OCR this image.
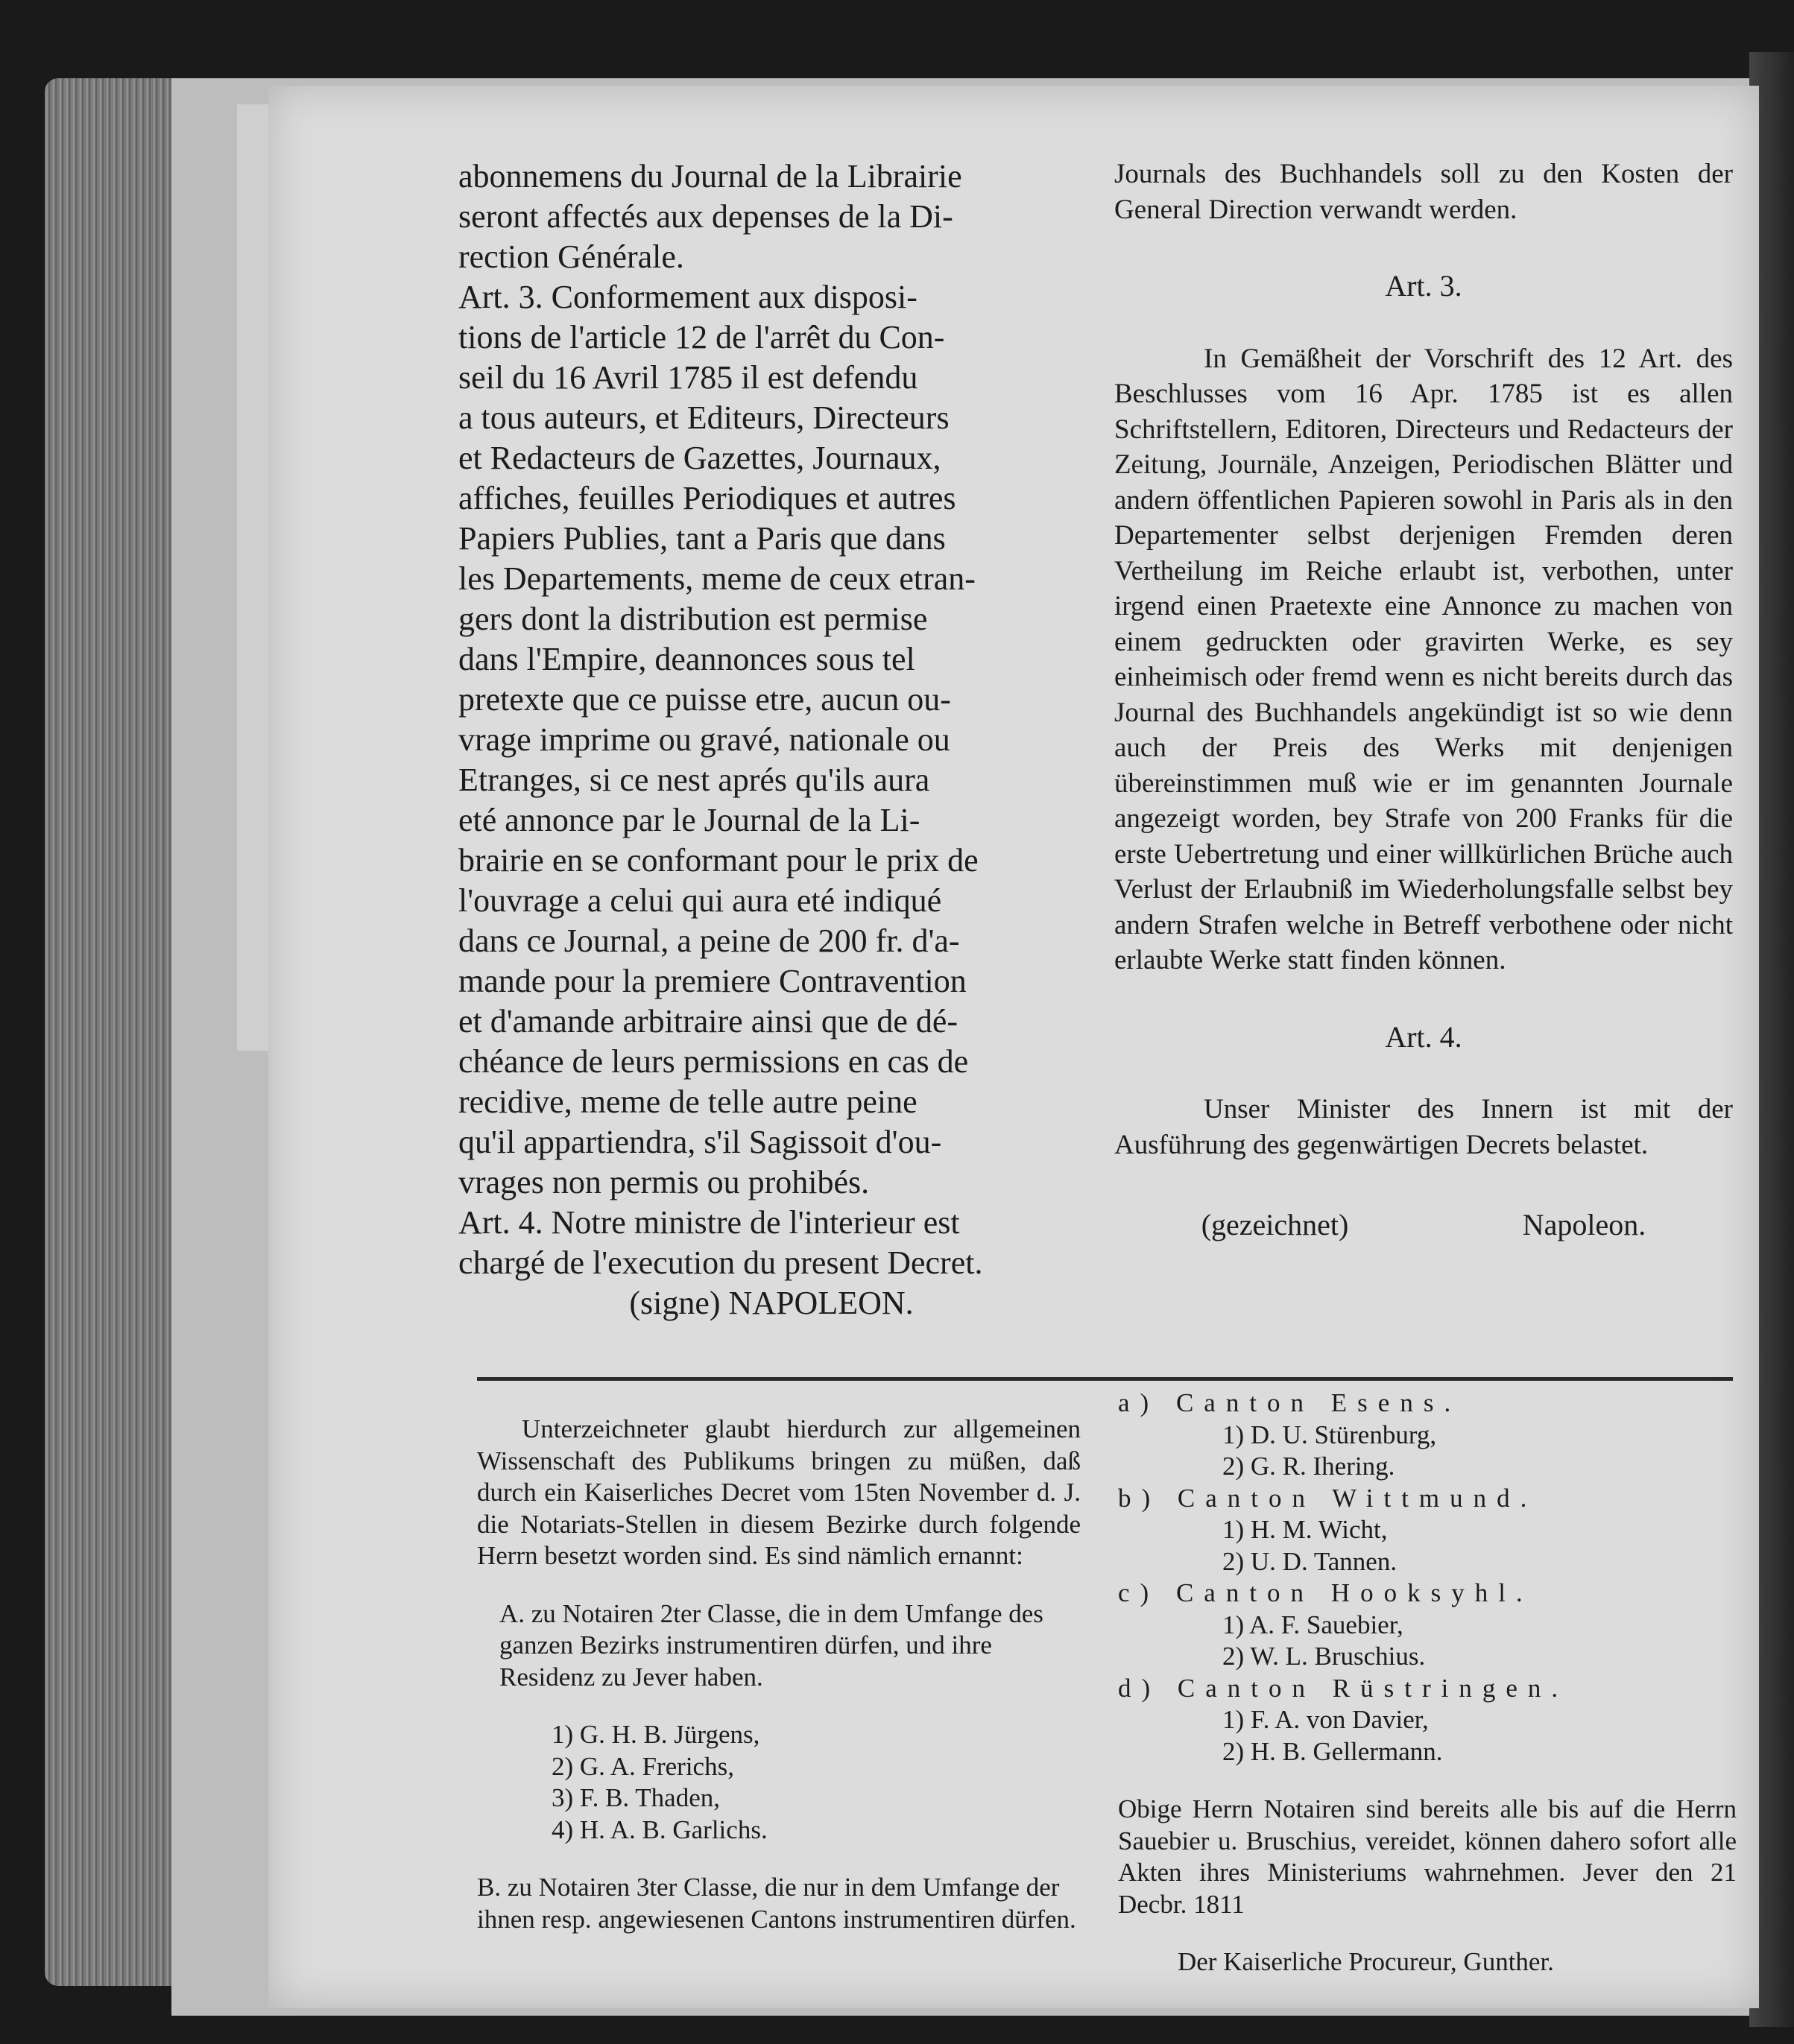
abonnemens du Journal de la Librairie
seront affectés aux depenses de la Di-
rection Générale.
Art. 3. Conformement aux disposi-
tions de l'article 12 de l'arrêt du Con-
seil du 16 Avril 1785 il est defendu
a tous auteurs, et Editeurs, Directeurs
et Redacteurs de Gazettes, Journaux,
affiches, feuilles Periodiques et autres
Papiers Publies, tant a Paris que dans
les Departements, meme de ceux etran-
gers dont la distribution est permise
dans l'Empire, deannonces sous tel
pretexte que ce puisse etre, aucun ou-
vrage imprime ou gravé, nationale ou
Etranges, si ce nest aprés qu'ils aura
eté annonce par le Journal de la Li-
brairie en se conformant pour le prix de
l'ouvrage a celui qui aura eté indiqué
dans ce Journal, a peine de 200 fr. d'a-
mande pour la premiere Contravention
et d'amande arbitraire ainsi que de dé-
chéance de leurs permissions en cas de
recidive, meme de telle autre peine
qu'il appartiendra, s'il Sagissoit d'ou-
vrages non permis ou prohibés.
Art. 4. Notre ministre de l'interieur est
chargé de l'execution du present Decret.

(signe) NAPOLEON.

Journals des Buchhandels soll zu den Kosten der General Direction verwandt werden.

Art. 3.

In Gemäßheit der Vorschrift des 12 Art. des Beschlusses vom 16 Apr. 1785 ist es allen Schriftstellern, Editoren, Directeurs und Redacteurs der Zeitung, Journäle, Anzeigen, Periodischen Blätter und andern öffentlichen Papieren sowohl in Paris als in den Departementer selbst derjenigen Fremden deren Vertheilung im Reiche erlaubt ist, verbothen, unter irgend einen Praetexte eine Annonce zu machen von einem gedruckten oder gravirten Werke, es sey einheimisch oder fremd wenn es nicht bereits durch das Journal des Buchhandels angekündigt ist so wie denn auch der Preis des Werks mit denjenigen übereinstimmen muß wie er im genannten Journale angezeigt worden, bey Strafe von 200 Franks für die erste Uebertretung und einer willkürlichen Brüche auch Verlust der Erlaubniß im Wiederholungsfalle selbst bey andern Strafen welche in Betreff verbothene oder nicht erlaubte Werke statt finden können.

Art. 4.

Unser Minister des Innern ist mit der Ausführung des gegenwärtigen Decrets belastet.

(gezeichnet)	Napoleon.

Unterzeichneter glaubt hierdurch zur allgemeinen Wissenschaft des Publikums bringen zu müßen, daß durch ein Kaiserliches Decret vom 15ten November d. J. die Notariats-Stellen in diesem Bezirke durch folgende Herrn besetzt worden sind. Es sind nämlich ernannt:

A. zu Notairen 2ter Classe, die in dem Umfange des ganzen Bezirks instrumentiren dürfen, und ihre Residenz zu Jever haben.

1) G. H. B. Jürgens,
2) G. A. Frerichs,
3) F. B. Thaden,
4) H. A. B. Garlichs.

B. zu Notairen 3ter Classe, die nur in dem Umfange der ihnen resp. angewiesenen Cantons instrumentiren dürfen.

a) Canton Esens.
1) D. U. Stürenburg,
2) G. R. Ihering.
b) Canton Wittmund.
1) H. M. Wicht,
2) U. D. Tannen.
c) Canton Hooksyhl.
1) A. F. Sauebier,
2) W. L. Bruschius.
d) Canton Rüstringen.
1) F. A. von Davier,
2) H. B. Gellermann.

Obige Herrn Notairen sind bereits alle bis auf die Herrn Sauebier u. Bruschius, vereidet, können dahero sofort alle Akten ihres Ministeriums wahrnehmen. Jever den 21 Decbr. 1811

Der Kaiserliche Procureur, Gunther.
